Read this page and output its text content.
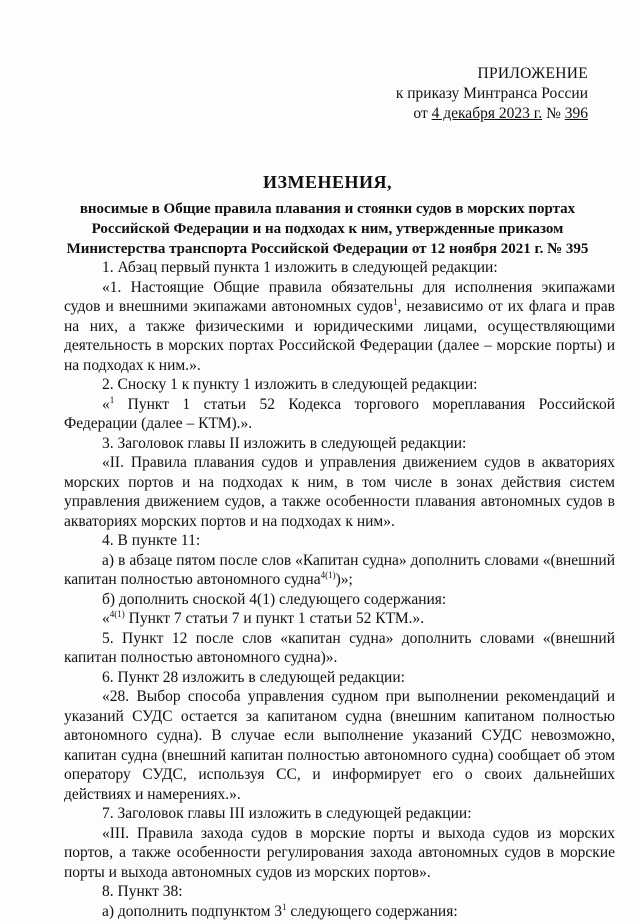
ПРИЛОЖЕНИЕ
к приказу Минтранса России
от 4 декабря 2023 г. № 396
ИЗМЕНЕНИЯ,
вносимые в Общие правила плавания и стоянки судов в морских портах Российской Федерации и на подходах к ним, утвержденные приказом Министерства транспорта Российской Федерации от 12 ноября 2021 г. № 395

1. Абзац первый пункта 1 изложить в следующей редакции:

«1. Настоящие Общие правила обязательны для исполнения экипажами судов и внешними экипажами автономных судов$^1$, независимо от их флага и прав на них, а также физическими и юридическими лицами, осуществляющими деятельность в морских портах Российской Федерации (далее – морские порты) и на подходах к ним.».

2. Сноску 1 к пункту 1 изложить в следующей редакции:

«$^1$ Пункт 1 статьи 52 Кодекса торгового мореплавания Российской Федерации (далее – КТМ).».

3. Заголовок главы II изложить в следующей редакции:

«II. Правила плавания судов и управления движением судов в акваториях морских портов и на подходах к ним, в том числе в зонах действия систем управления движением судов, а также особенности плавания автономных судов в акваториях морских портов и на подходах к ним».

4. В пункте 11:

а) в абзаце пятом после слов «Капитан судна» дополнить словами «(внешний капитан полностью автономного судна$^{4(1)}$)»;

б) дополнить сноской 4(1) следующего содержания:

«$^{4(1)}$ Пункт 7 статьи 7 и пункт 1 статьи 52 КТМ.».

5. Пункт 12 после слов «капитан судна» дополнить словами «(внешний капитан полностью автономного судна)».

6. Пункт 28 изложить в следующей редакции:

«28. Выбор способа управления судном при выполнении рекомендаций и указаний СУДС остается за капитаном судна (внешним капитаном полностью автономного судна). В случае если выполнение указаний СУДС невозможно, капитан судна (внешний капитан полностью автономного судна) сообщает об этом оператору СУДС, используя СС, и информирует его о своих дальнейших действиях и намерениях.».

7. Заголовок главы III изложить в следующей редакции:

«III. Правила захода судов в морские порты и выхода судов из морских портов, а также особенности регулирования захода автономных судов в морские порты и выхода автономных судов из морских портов».

8. Пункт 38:

а) дополнить подпунктом $3^1$ следующего содержания:
